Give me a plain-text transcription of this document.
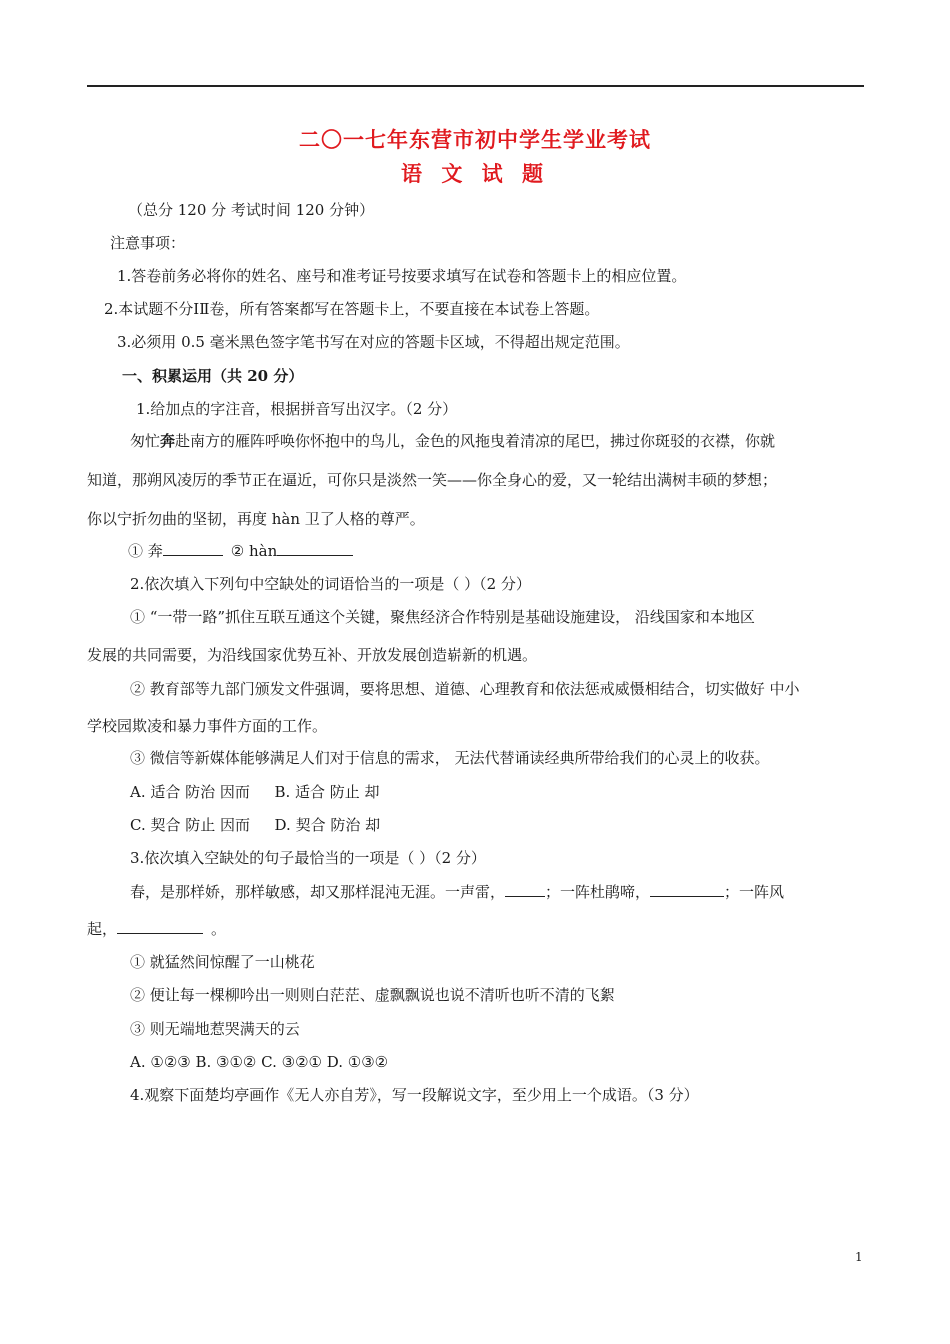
二〇一七年东营市初中学生学业考试
语 文 试 题
（总分 120 分 考试时间 120 分钟）
注意事项：
1.答卷前务必将你的姓名、座号和准考证号按要求填写在试卷和答题卡上的相应位置。
2.本试题不分ⅠⅡ卷，所有答案都写在答题卡上，不要直接在本试卷上答题。
3.必须用 0.5 毫米黑色签字笔书写在对应的答题卡区域，不得超出规定范围。
一、积累运用（共 20 分）
1.给加点的字注音，根据拼音写出汉字。（2 分）
匆忙奔赴南方的雁阵呼唤你怀抱中的鸟儿，金色的风拖曳着清凉的尾巴，拂过你斑驳的衣襟，你就
知道，那朔风凌厉的季节正在逼近，可你只是淡然一笑——你全身心的爱，又一轮结出满树丰硕的梦想；
你以宁折勿曲的坚韧，再度 hàn 卫了人格的尊严。
① 奔	② hàn
2.依次填入下列句中空缺处的词语恰当的一项是（ ）（2 分）
① “一带一路”抓住互联互通这个关键，聚焦经济合作特别是基础设施建设， 沿线国家和本地区
发展的共同需要，为沿线国家优势互补、开放发展创造崭新的机遇。
② 教育部等九部门颁发文件强调，要将思想、道德、心理教育和依法惩戒威慑相结合，切实做好 中小
学校园欺凌和暴力事件方面的工作。
③ 微信等新媒体能够满足人们对于信息的需求， 无法代替诵读经典所带给我们的心灵上的收获。
A. 适合 防治 因而 　 B. 适合 防止 却
C. 契合 防止 因而 　 D. 契合 防治 却
3.依次填入空缺处的句子最恰当的一项是（ ）（2 分）
春，是那样娇，那样敏感，却又那样混沌无涯。一声雷，	；一阵杜鹃啼，	；一阵风
起，	。
① 就猛然间惊醒了一山桃花
② 便让每一棵柳吟出一则则白茫茫、虚飘飘说也说不清听也听不清的飞絮
③ 则无端地惹哭满天的云
A. ①②③ B. ③①② C. ③②① D. ①③②
4.观察下面楚均亭画作《无人亦自芳》，写一段解说文字，至少用上一个成语。（3 分）
1
